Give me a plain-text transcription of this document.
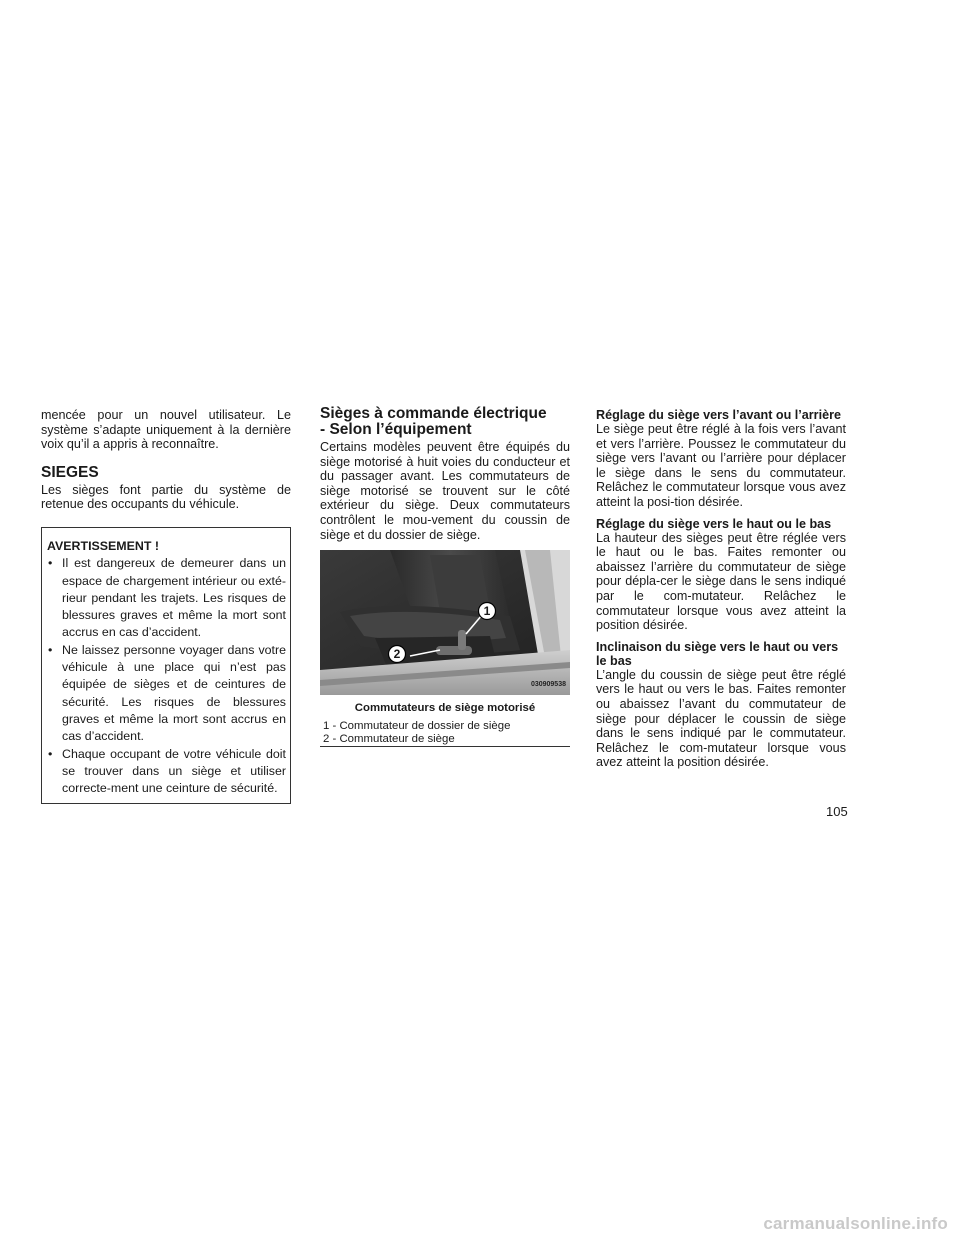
mencée pour un nouvel utilisateur. Le système s’adapte uniquement à la dernière voix qu’il a appris à reconnaître.

SIEGES

Les sièges font partie du système de retenue des occupants du véhicule.

AVERTISSEMENT !
• Il est dangereux de demeurer dans un espace de chargement intérieur ou exté-rieur pendant les trajets. Les risques de blessures graves et même la mort sont accrus en cas d’accident.
• Ne laissez personne voyager dans votre véhicule à une place qui n’est pas équipée de sièges et de ceintures de sécurité. Les risques de blessures graves et même la mort sont accrus en cas d’accident.
• Chaque occupant de votre véhicule doit se trouver dans un siège et utiliser correcte-ment une ceinture de sécurité.
Sièges à commande électrique
- Selon l’équipement

Certains modèles peuvent être équipés du siège motorisé à huit voies du conducteur et du passager avant. Les commutateurs de siège motorisé se trouvent sur le côté extérieur du siège. Deux commutateurs contrôlent le mou-vement du coussin de siège et du dossier de siège.

1
2
030909538
Commutateurs de siège motorisé
1 - Commutateur de dossier de siège
2 - Commutateur de siège
Réglage du siège vers l’avant ou l’arrière

Le siège peut être réglé à la fois vers l’avant et vers l’arrière. Poussez le commutateur du siège vers l’avant ou l’arrière pour déplacer le siège dans le sens du commutateur. Relâchez le commutateur lorsque vous avez atteint la posi-tion désirée.

Réglage du siège vers le haut ou le bas

La hauteur des sièges peut être réglée vers le haut ou le bas. Faites remonter ou abaissez l’arrière du commutateur de siège pour dépla-cer le siège dans le sens indiqué par le com-mutateur. Relâchez le commutateur lorsque vous avez atteint la position désirée.

Inclinaison du siège vers le haut ou vers le bas

L’angle du coussin de siège peut être réglé vers le haut ou vers le bas. Faites remonter ou abaissez l’avant du commutateur de siège pour déplacer le coussin de siège dans le sens indiqué par le commutateur. Relâchez le com-mutateur lorsque vous avez atteint la position désirée.

105
carmanualsonline.info
